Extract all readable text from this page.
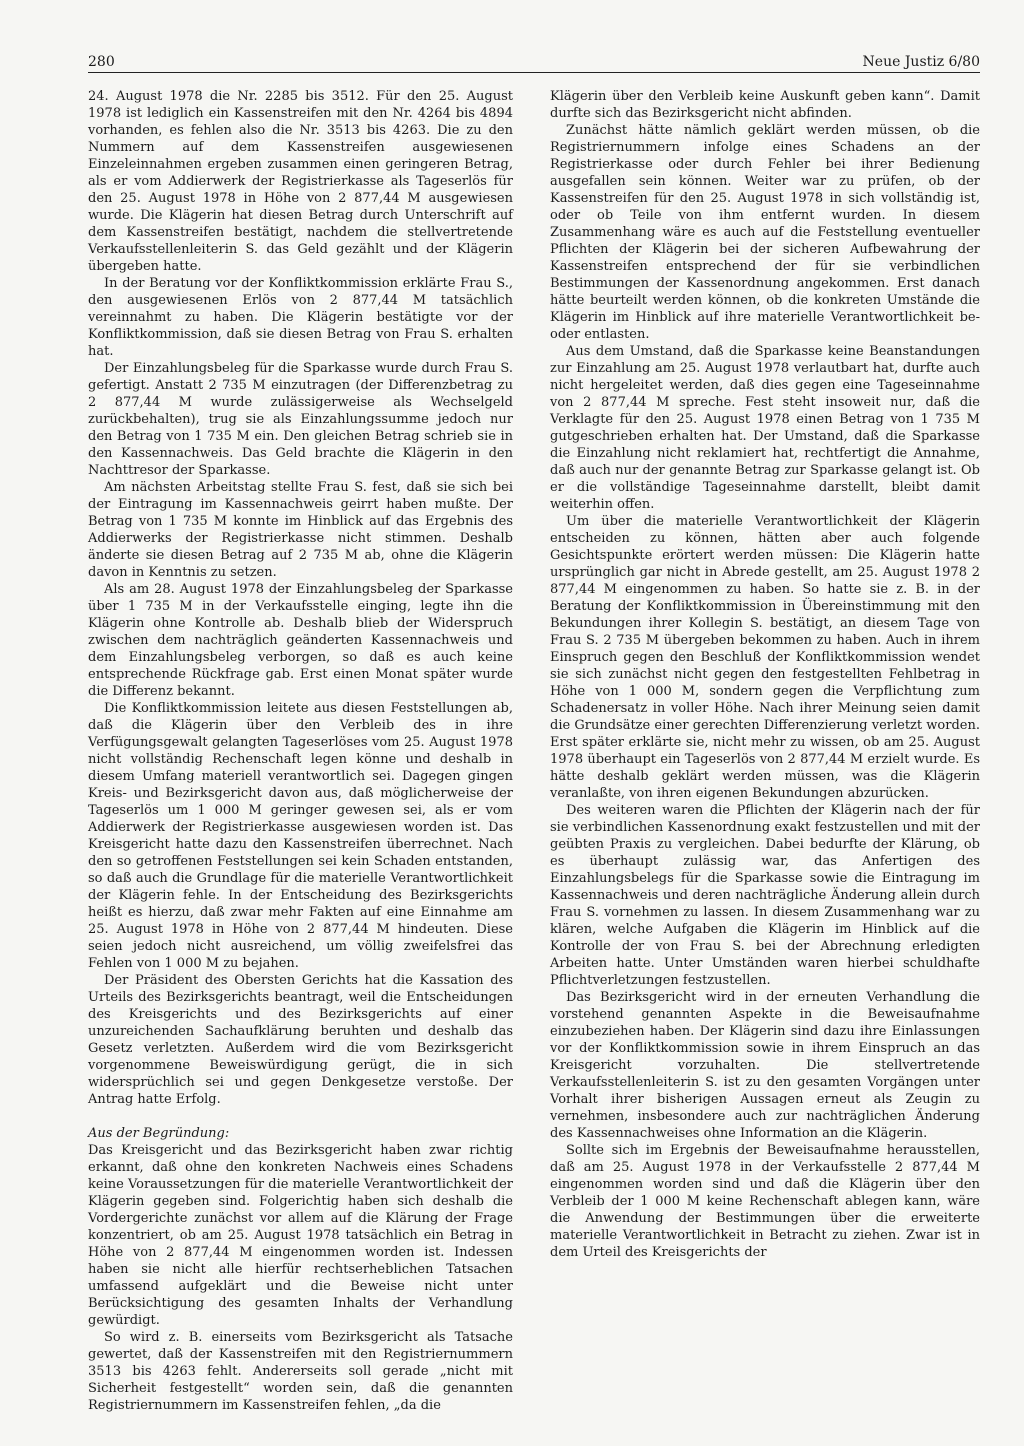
280	Neue Justiz 6/80

24. August 1978 die Nr. 2285 bis 3512. Für den 25. August 1978 ist lediglich ein Kassenstreifen mit den Nr. 4264 bis 4894 vorhanden, es fehlen also die Nr. 3513 bis 4263. Die zu den Nummern auf dem Kassenstreifen ausgewiesenen Einzeleinnahmen ergeben zusammen einen geringeren Betrag, als er vom Addierwerk der Registrierkasse als Tageserlös für den 25. August 1978 in Höhe von 2 877,44 M ausgewiesen wurde. Die Klägerin hat diesen Betrag durch Unterschrift auf dem Kassenstreifen bestätigt, nachdem die stellvertretende Verkaufsstellenleiterin S. das Geld gezählt und der Klägerin übergeben hatte.

In der Beratung vor der Konfliktkommission erklärte Frau S., den ausgewiesenen Erlös von 2 877,44 M tatsächlich vereinnahmt zu haben. Die Klägerin bestätigte vor der Konfliktkommission, daß sie diesen Betrag von Frau S. erhalten hat.

Der Einzahlungsbeleg für die Sparkasse wurde durch Frau S. gefertigt. Anstatt 2 735 M einzutragen (der Differenzbetrag zu 2 877,44 M wurde zulässigerweise als Wechselgeld zurückbehalten), trug sie als Einzahlungssumme jedoch nur den Betrag von 1 735 M ein. Den gleichen Betrag schrieb sie in den Kassennachweis. Das Geld brachte die Klägerin in den Nachttresor der Sparkasse.

Am nächsten Arbeitstag stellte Frau S. fest, daß sie sich bei der Eintragung im Kassennachweis geirrt haben mußte. Der Betrag von 1 735 M konnte im Hinblick auf das Ergebnis des Addierwerks der Registrierkasse nicht stimmen. Deshalb änderte sie diesen Betrag auf 2 735 M ab, ohne die Klägerin davon in Kenntnis zu setzen.

Als am 28. August 1978 der Einzahlungsbeleg der Sparkasse über 1 735 M in der Verkaufsstelle einging, legte ihn die Klägerin ohne Kontrolle ab. Deshalb blieb der Widerspruch zwischen dem nachträglich geänderten Kassennachweis und dem Einzahlungsbeleg verborgen, so daß es auch keine entsprechende Rückfrage gab. Erst einen Monat später wurde die Differenz bekannt.

Die Konfliktkommission leitete aus diesen Feststellungen ab, daß die Klägerin über den Verbleib des in ihre Verfügungsgewalt gelangten Tageserlöses vom 25. August 1978 nicht vollständig Rechenschaft legen könne und deshalb in diesem Umfang materiell verantwortlich sei. Dagegen gingen Kreis- und Bezirksgericht davon aus, daß möglicherweise der Tageserlös um 1 000 M geringer gewesen sei, als er vom Addierwerk der Registrierkasse ausgewiesen worden ist. Das Kreisgericht hatte dazu den Kassenstreifen überrechnet. Nach den so getroffenen Feststellungen sei kein Schaden entstanden, so daß auch die Grundlage für die materielle Verantwortlichkeit der Klägerin fehle. In der Entscheidung des Bezirksgerichts heißt es hierzu, daß zwar mehr Fakten auf eine Einnahme am 25. August 1978 in Höhe von 2 877,44 M hindeuten. Diese seien jedoch nicht ausreichend, um völlig zweifelsfrei das Fehlen von 1 000 M zu bejahen.

Der Präsident des Obersten Gerichts hat die Kassation des Urteils des Bezirksgerichts beantragt, weil die Entscheidungen des Kreisgerichts und des Bezirksgerichts auf einer unzureichenden Sachaufklärung beruhten und deshalb das Gesetz verletzten. Außerdem wird die vom Bezirksgericht vorgenommene Beweiswürdigung gerügt, die in sich widersprüchlich sei und gegen Denkgesetze verstoße. Der Antrag hatte Erfolg.

Aus der Begründung:

Das Kreisgericht und das Bezirksgericht haben zwar richtig erkannt, daß ohne den konkreten Nachweis eines Schadens keine Voraussetzungen für die materielle Verantwortlichkeit der Klägerin gegeben sind. Folgerichtig haben sich deshalb die Vordergerichte zunächst vor allem auf die Klärung der Frage konzentriert, ob am 25. August 1978 tatsächlich ein Betrag in Höhe von 2 877,44 M eingenommen worden ist. Indessen haben sie nicht alle hierfür rechtserheblichen Tatsachen umfassend aufgeklärt und die Beweise nicht unter Berücksichtigung des gesamten Inhalts der Verhandlung gewürdigt.

So wird z. B. einerseits vom Bezirksgericht als Tatsache gewertet, daß der Kassenstreifen mit den Registriernummern 3513 bis 4263 fehlt. Andererseits soll gerade „nicht mit Sicherheit festgestellt“ worden sein, daß die genannten Registriernummern im Kassenstreifen fehlen, „da die

Klägerin über den Verbleib keine Auskunft geben kann“. Damit durfte sich das Bezirksgericht nicht abfinden.

Zunächst hätte nämlich geklärt werden müssen, ob die Registriernummern infolge eines Schadens an der Registrierkasse oder durch Fehler bei ihrer Bedienung ausgefallen sein können. Weiter war zu prüfen, ob der Kassenstreifen für den 25. August 1978 in sich vollständig ist, oder ob Teile von ihm entfernt wurden. In diesem Zusammenhang wäre es auch auf die Feststellung eventueller Pflichten der Klägerin bei der sicheren Aufbewahrung der Kassenstreifen entsprechend der für sie verbindlichen Bestimmungen der Kassenordnung angekommen. Erst danach hätte beurteilt werden können, ob die konkreten Umstände die Klägerin im Hinblick auf ihre materielle Verantwortlichkeit be- oder entlasten.

Aus dem Umstand, daß die Sparkasse keine Beanstandungen zur Einzahlung am 25. August 1978 verlautbart hat, durfte auch nicht hergeleitet werden, daß dies gegen eine Tageseinnahme von 2 877,44 M spreche. Fest steht insoweit nur, daß die Verklagte für den 25. August 1978 einen Betrag von 1 735 M gutgeschrieben erhalten hat. Der Umstand, daß die Sparkasse die Einzahlung nicht reklamiert hat, rechtfertigt die Annahme, daß auch nur der genannte Betrag zur Sparkasse gelangt ist. Ob er die vollständige Tageseinnahme darstellt, bleibt damit weiterhin offen.

Um über die materielle Verantwortlichkeit der Klägerin entscheiden zu können, hätten aber auch folgende Gesichtspunkte erörtert werden müssen: Die Klägerin hatte ursprünglich gar nicht in Abrede gestellt, am 25. August 1978 2 877,44 M eingenommen zu haben. So hatte sie z. B. in der Beratung der Konfliktkommission in Übereinstimmung mit den Bekundungen ihrer Kollegin S. bestätigt, an diesem Tage von Frau S. 2 735 M übergeben bekommen zu haben. Auch in ihrem Einspruch gegen den Beschluß der Konfliktkommission wendet sie sich zunächst nicht gegen den festgestellten Fehlbetrag in Höhe von 1 000 M, sondern gegen die Verpflichtung zum Schadenersatz in voller Höhe. Nach ihrer Meinung seien damit die Grundsätze einer gerechten Differenzierung verletzt worden. Erst später erklärte sie, nicht mehr zu wissen, ob am 25. August 1978 überhaupt ein Tageserlös von 2 877,44 M erzielt wurde. Es hätte deshalb geklärt werden müssen, was die Klägerin veranlaßte, von ihren eigenen Bekundungen abzurücken.

Des weiteren waren die Pflichten der Klägerin nach der für sie verbindlichen Kassenordnung exakt festzustellen und mit der geübten Praxis zu vergleichen. Dabei bedurfte der Klärung, ob es überhaupt zulässig war, das Anfertigen des Einzahlungsbelegs für die Sparkasse sowie die Eintragung im Kassennachweis und deren nachträgliche Änderung allein durch Frau S. vornehmen zu lassen. In diesem Zusammenhang war zu klären, welche Aufgaben die Klägerin im Hinblick auf die Kontrolle der von Frau S. bei der Abrechnung erledigten Arbeiten hatte. Unter Umständen waren hierbei schuldhafte Pflichtverletzungen festzustellen.

Das Bezirksgericht wird in der erneuten Verhandlung die vorstehend genannten Aspekte in die Beweisaufnahme einzubeziehen haben. Der Klägerin sind dazu ihre Einlassungen vor der Konfliktkommission sowie in ihrem Einspruch an das Kreisgericht vorzuhalten. Die stellvertretende Verkaufsstellenleiterin S. ist zu den gesamten Vorgängen unter Vorhalt ihrer bisherigen Aussagen erneut als Zeugin zu vernehmen, insbesondere auch zur nachträglichen Änderung des Kassennachweises ohne Information an die Klägerin.

Sollte sich im Ergebnis der Beweisaufnahme herausstellen, daß am 25. August 1978 in der Verkaufsstelle 2 877,44 M eingenommen worden sind und daß die Klägerin über den Verbleib der 1 000 M keine Rechenschaft ablegen kann, wäre die Anwendung der Bestimmungen über die erweiterte materielle Verantwortlichkeit in Betracht zu ziehen. Zwar ist in dem Urteil des Kreisgerichts der
